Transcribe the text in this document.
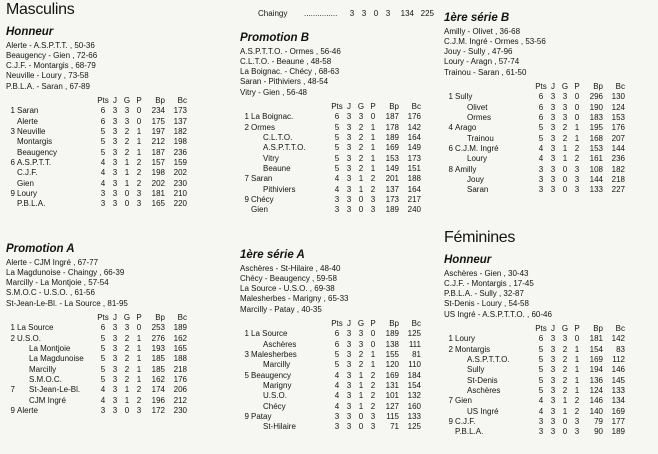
Masculins
Honneur
Alerte - A.S.P.T.T. , 50-36
Beaugency - Gien , 72-66
C.J.F. - Montargis , 68-79
Neuville - Loury , 73-58
P.B.L.A. - Saran , 67-89
		Pts	J	G	P	Bp	Bc
1	Saran	6	3	3	0	234	173
	Alerte	6	3	3	0	175	137
3	Neuville	5	3	2	1	197	182
	Montargis	5	3	2	1	212	198
	Beaugency	5	3	2	1	187	236
6	A.S.P.T.T.	4	3	1	2	157	159
	C.J.F.	4	3	1	2	198	202
	Gien	4	3	1	2	202	230
9	Loury	3	3	0	3	181	210
	P.B.L.A.	3	3	0	3	165	220
Promotion A
Alerte - CJM Ingré , 67-77
La Magdunoise - Chaingy , 66-39
Marcilly - La Montjoie , 57-54
S.M.O.C - U.S.O. , 61-56
St-Jean-Le-Bl. - La Source , 81-95
		Pts	J	G	P	Bp	Bc
1	La Source	6	3	3	0	253	189
2	U.S.O.	5	3	2	1	276	162
	La Montjoie	5	3	2	1	193	165
	La Magdunoise	5	3	2	1	185	188
	Marcilly	5	3	2	1	185	218
	S.M.O.C.	5	3	2	1	162	176
7	St-Jean-Le-Bl.	4	3	1	2	174	206
	CJM Ingré	4	3	1	2	196	212
9	Alerte	3	3	0	3	172	230
Chaingy ............... 3 3 0 3 134 225
Promotion B
A.S.P.T.T.O. - Ormes , 56-46
C.L.T.O. - Beaune , 48-58
La Boignac. - Chécy , 68-63
Saran - Pithiviers , 48-54
Vitry - Gien , 56-48
		Pts	J	G	P	Bp	Bc
1	La Boignac.	6	3	3	0	187	176
2	Ormes	5	3	2	1	178	142
	C.L.T.O.	5	3	2	1	189	164
	A.S.P.T.T.O.	5	3	2	1	169	149
	Vitry	5	3	2	1	153	173
	Beaune	5	3	2	1	149	151
7	Saran	4	3	1	2	201	188
	Pithiviers	4	3	1	2	137	164
9	Chécy	3	3	0	3	173	217
	Gien	3	3	0	3	189	240
1ère série A
Aschères - St-Hilaire , 48-40
Chécy - Beaugency , 59-58
La Source - U.S.O. , 69-38
Malesherbes - Marigny , 65-33
Marcilly - Patay , 40-35
		Pts	J	G	P	Bp	Bc
1	La Source	6	3	3	0	189	125
	Aschères	6	3	3	0	138	111
3	Malesherbes	5	3	2	1	155	81
	Marcilly	5	3	2	1	120	110
5	Beaugency	4	3	1	2	169	184
	Marigny	4	3	1	2	131	154
	U.S.O.	4	3	1	2	101	132
	Chécy	4	3	1	2	127	160
9	Patay	3	3	0	3	115	133
	St-Hilaire	3	3	0	3	71	125
1ère série B
Amilly - Olivet , 36-68
C.J.M. Ingré - Ormes , 53-56
Jouy - Sully , 47-96
Loury - Aragn , 57-74
Trainou - Saran , 61-50
		Pts	J	G	P	Bp	Bc
1	Sully	6	3	3	0	296	130
	Olivet	6	3	3	0	190	124
	Ormes	6	3	3	0	183	153
4	Arago	5	3	2	1	195	176
	Trainou	5	3	2	1	168	207
6	C.J.M. Ingré	4	3	1	2	153	144
	Loury	4	3	1	2	161	236
8	Amilly	3	3	0	3	108	182
	Jouy	3	3	0	3	144	218
	Saran	3	3	0	3	133	227
Féminines
Honneur
Aschères - Gien , 30-43
C.J.F. - Montargis , 17-45
P.B.L.A. - Sully , 32-87
St-Denis - Loury , 54-58
US Ingré - A.S.P.T.T.O. , 60-46
		Pts	J	G	P	Bp	Bc
1	Loury	6	3	3	0	181	142
2	Montargis	5	3	2	1	154	83
	A.S.P.T.T.O.	5	3	2	1	169	112
	Sully	5	3	2	1	194	146
	St-Denis	5	3	2	1	136	145
	Aschères	5	3	2	1	124	133
7	Gien	4	3	1	2	146	134
	US Ingré	4	3	1	2	140	169
9	C.J.F.	3	3	0	3	79	177
	P.B.L.A.	3	3	0	3	90	189
